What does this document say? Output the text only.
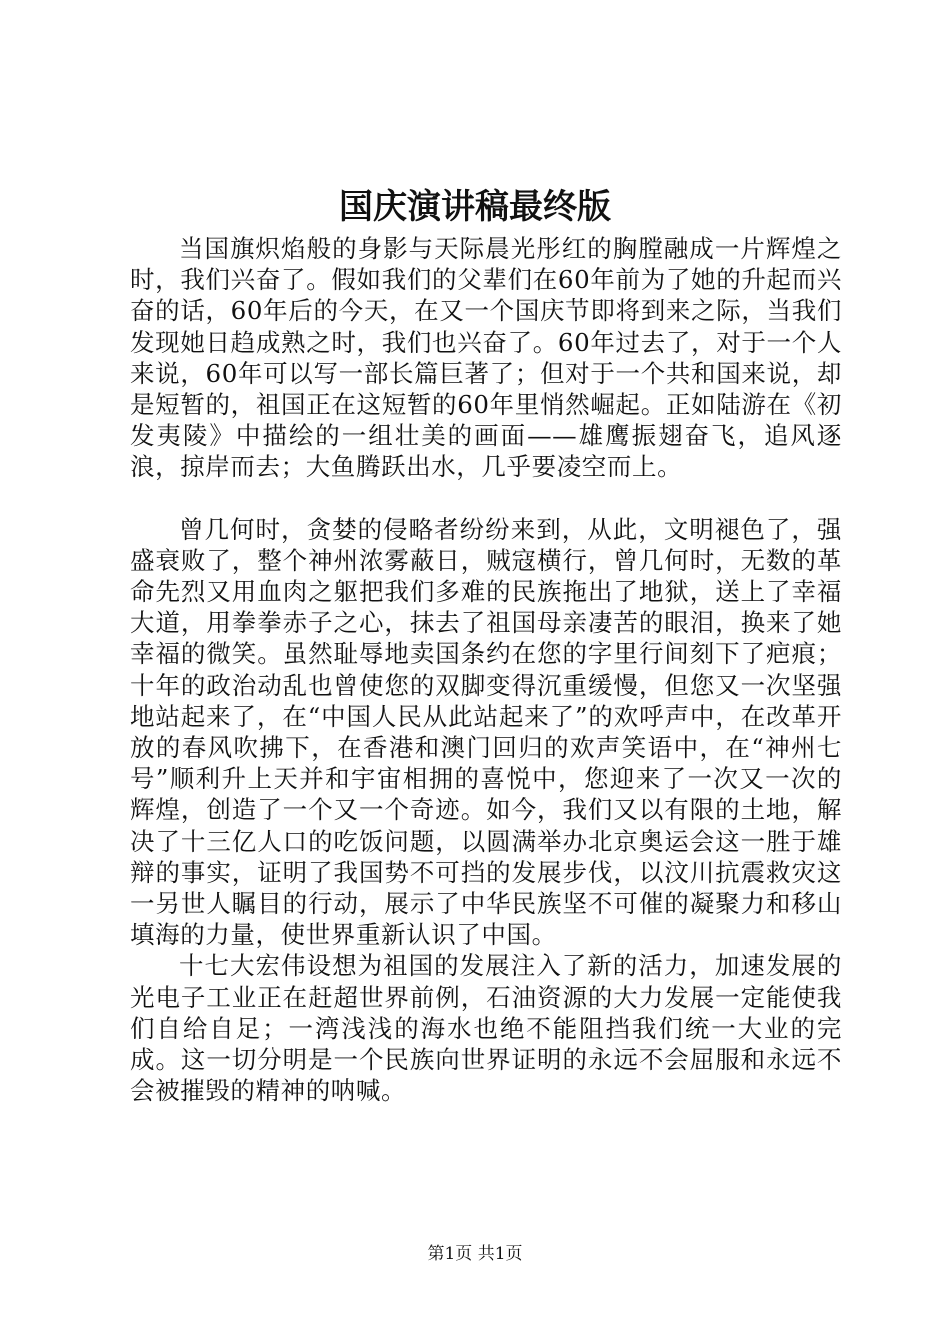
国庆演讲稿最终版

当国旗炽焰般的身影与天际晨光彤红的胸膛融成一片辉煌之时，我们兴奋了。假如我们的父辈们在60年前为了她的升起而兴奋的话，60年后的今天，在又一个国庆节即将到来之际，当我们发现她日趋成熟之时，我们也兴奋了。60年过去了，对于一个人来说，60年可以写一部长篇巨著了；但对于一个共和国来说，却是短暂的，祖国正在这短暂的60年里悄然崛起。正如陆游在《初发夷陵》中描绘的一组壮美的画面——雄鹰振翅奋飞，追风逐浪，掠岸而去；大鱼腾跃出水，几乎要凌空而上。

曾几何时，贪婪的侵略者纷纷来到，从此，文明褪色了，强盛衰败了，整个神州浓雾蔽日，贼寇横行，曾几何时，无数的革命先烈又用血肉之躯把我们多难的民族拖出了地狱，送上了幸福大道，用拳拳赤子之心，抹去了祖国母亲凄苦的眼泪，换来了她幸福的微笑。虽然耻辱地卖国条约在您的字里行间刻下了疤痕；十年的政治动乱也曾使您的双脚变得沉重缓慢，但您又一次坚强地站起来了，在“中国人民从此站起来了”的欢呼声中，在改革开放的春风吹拂下，在香港和澳门回归的欢声笑语中，在“神州七号”顺利升上天并和宇宙相拥的喜悦中，您迎来了一次又一次的辉煌，创造了一个又一个奇迹。如今，我们又以有限的土地，解决了十三亿人口的吃饭问题，以圆满举办北京奥运会这一胜于雄辩的事实，证明了我国势不可挡的发展步伐，以汶川抗震救灾这一另世人瞩目的行动，展示了中华民族坚不可催的凝聚力和移山填海的力量，使世界重新认识了中国。

十七大宏伟设想为祖国的发展注入了新的活力，加速发展的光电子工业正在赶超世界前例，石油资源的大力发展一定能使我们自给自足；一湾浅浅的海水也绝不能阻挡我们统一大业的完成。这一切分明是一个民族向世界证明的永远不会屈服和永远不会被摧毁的精神的呐喊。

第1页 共1页
